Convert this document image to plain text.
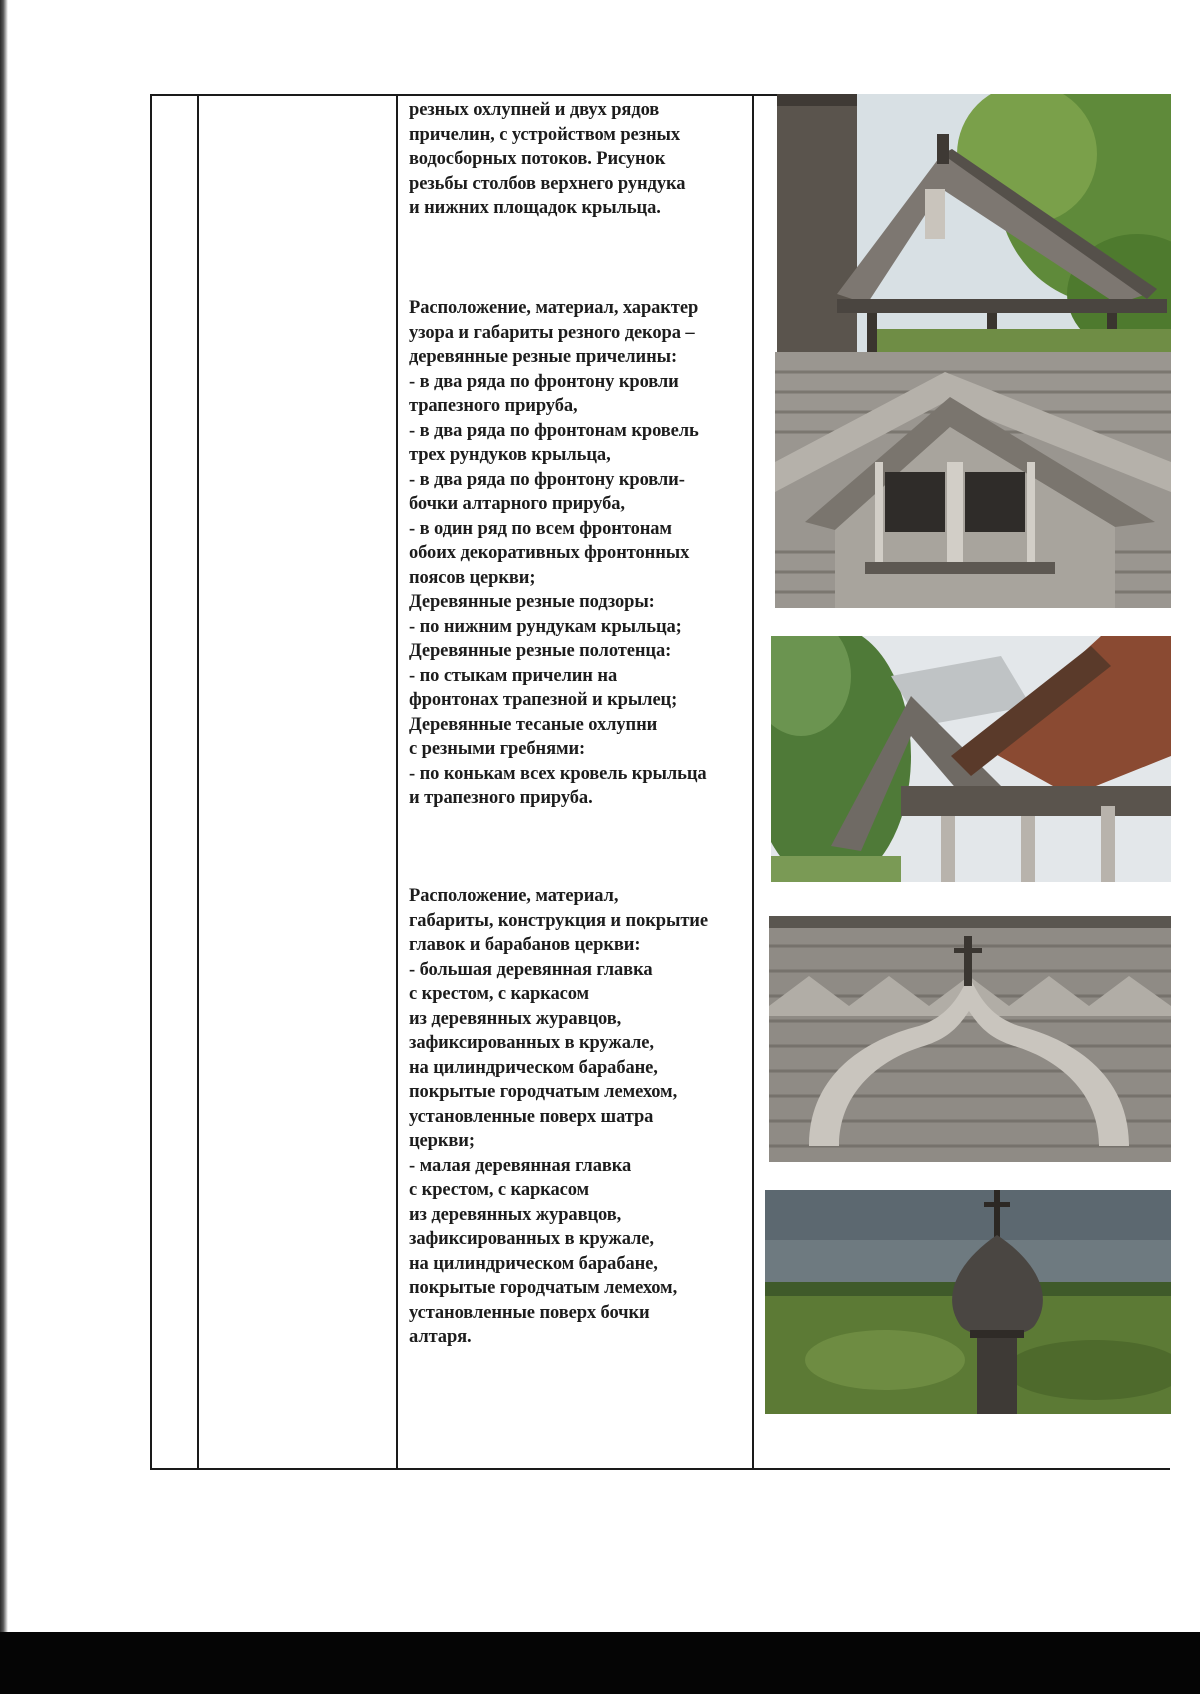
резных охлупней и двух рядов
причелин, с устройством резных
водосборных потоков. Рисунок
резьбы столбов верхнего рундука
и нижних площадок крыльца.
Расположение, материал, характер
узора и габариты резного декора –
деревянные резные причелины:
- в два ряда по фронтону кровли
трапезного прируба,
- в два ряда по фронтонам кровель
трех рундуков крыльца,
- в два ряда по фронтону кровли-
бочки алтарного прируба,
- в один ряд по всем фронтонам
обоих декоративных фронтонных
поясов церкви;
Деревянные резные подзоры:
- по нижним рундукам крыльца;
Деревянные резные полотенца:
- по стыкам причелин на
фронтонах трапезной и крылец;
Деревянные тесаные охлупни
с резными гребнями:
- по конькам всех кровель крыльца
и трапезного прируба.
Расположение, материал,
габариты, конструкция и покрытие
главок и барабанов церкви:
- большая деревянная главка
с крестом, с каркасом
из деревянных журавцов,
зафиксированных в кружале,
на цилиндрическом барабане,
покрытые городчатым лемехом,
установленные поверх шатра
церкви;
- малая деревянная главка
с крестом, с каркасом
из деревянных журавцов,
зафиксированных в кружале,
на цилиндрическом барабане,
покрытые городчатым лемехом,
установленные поверх бочки
алтаря.
